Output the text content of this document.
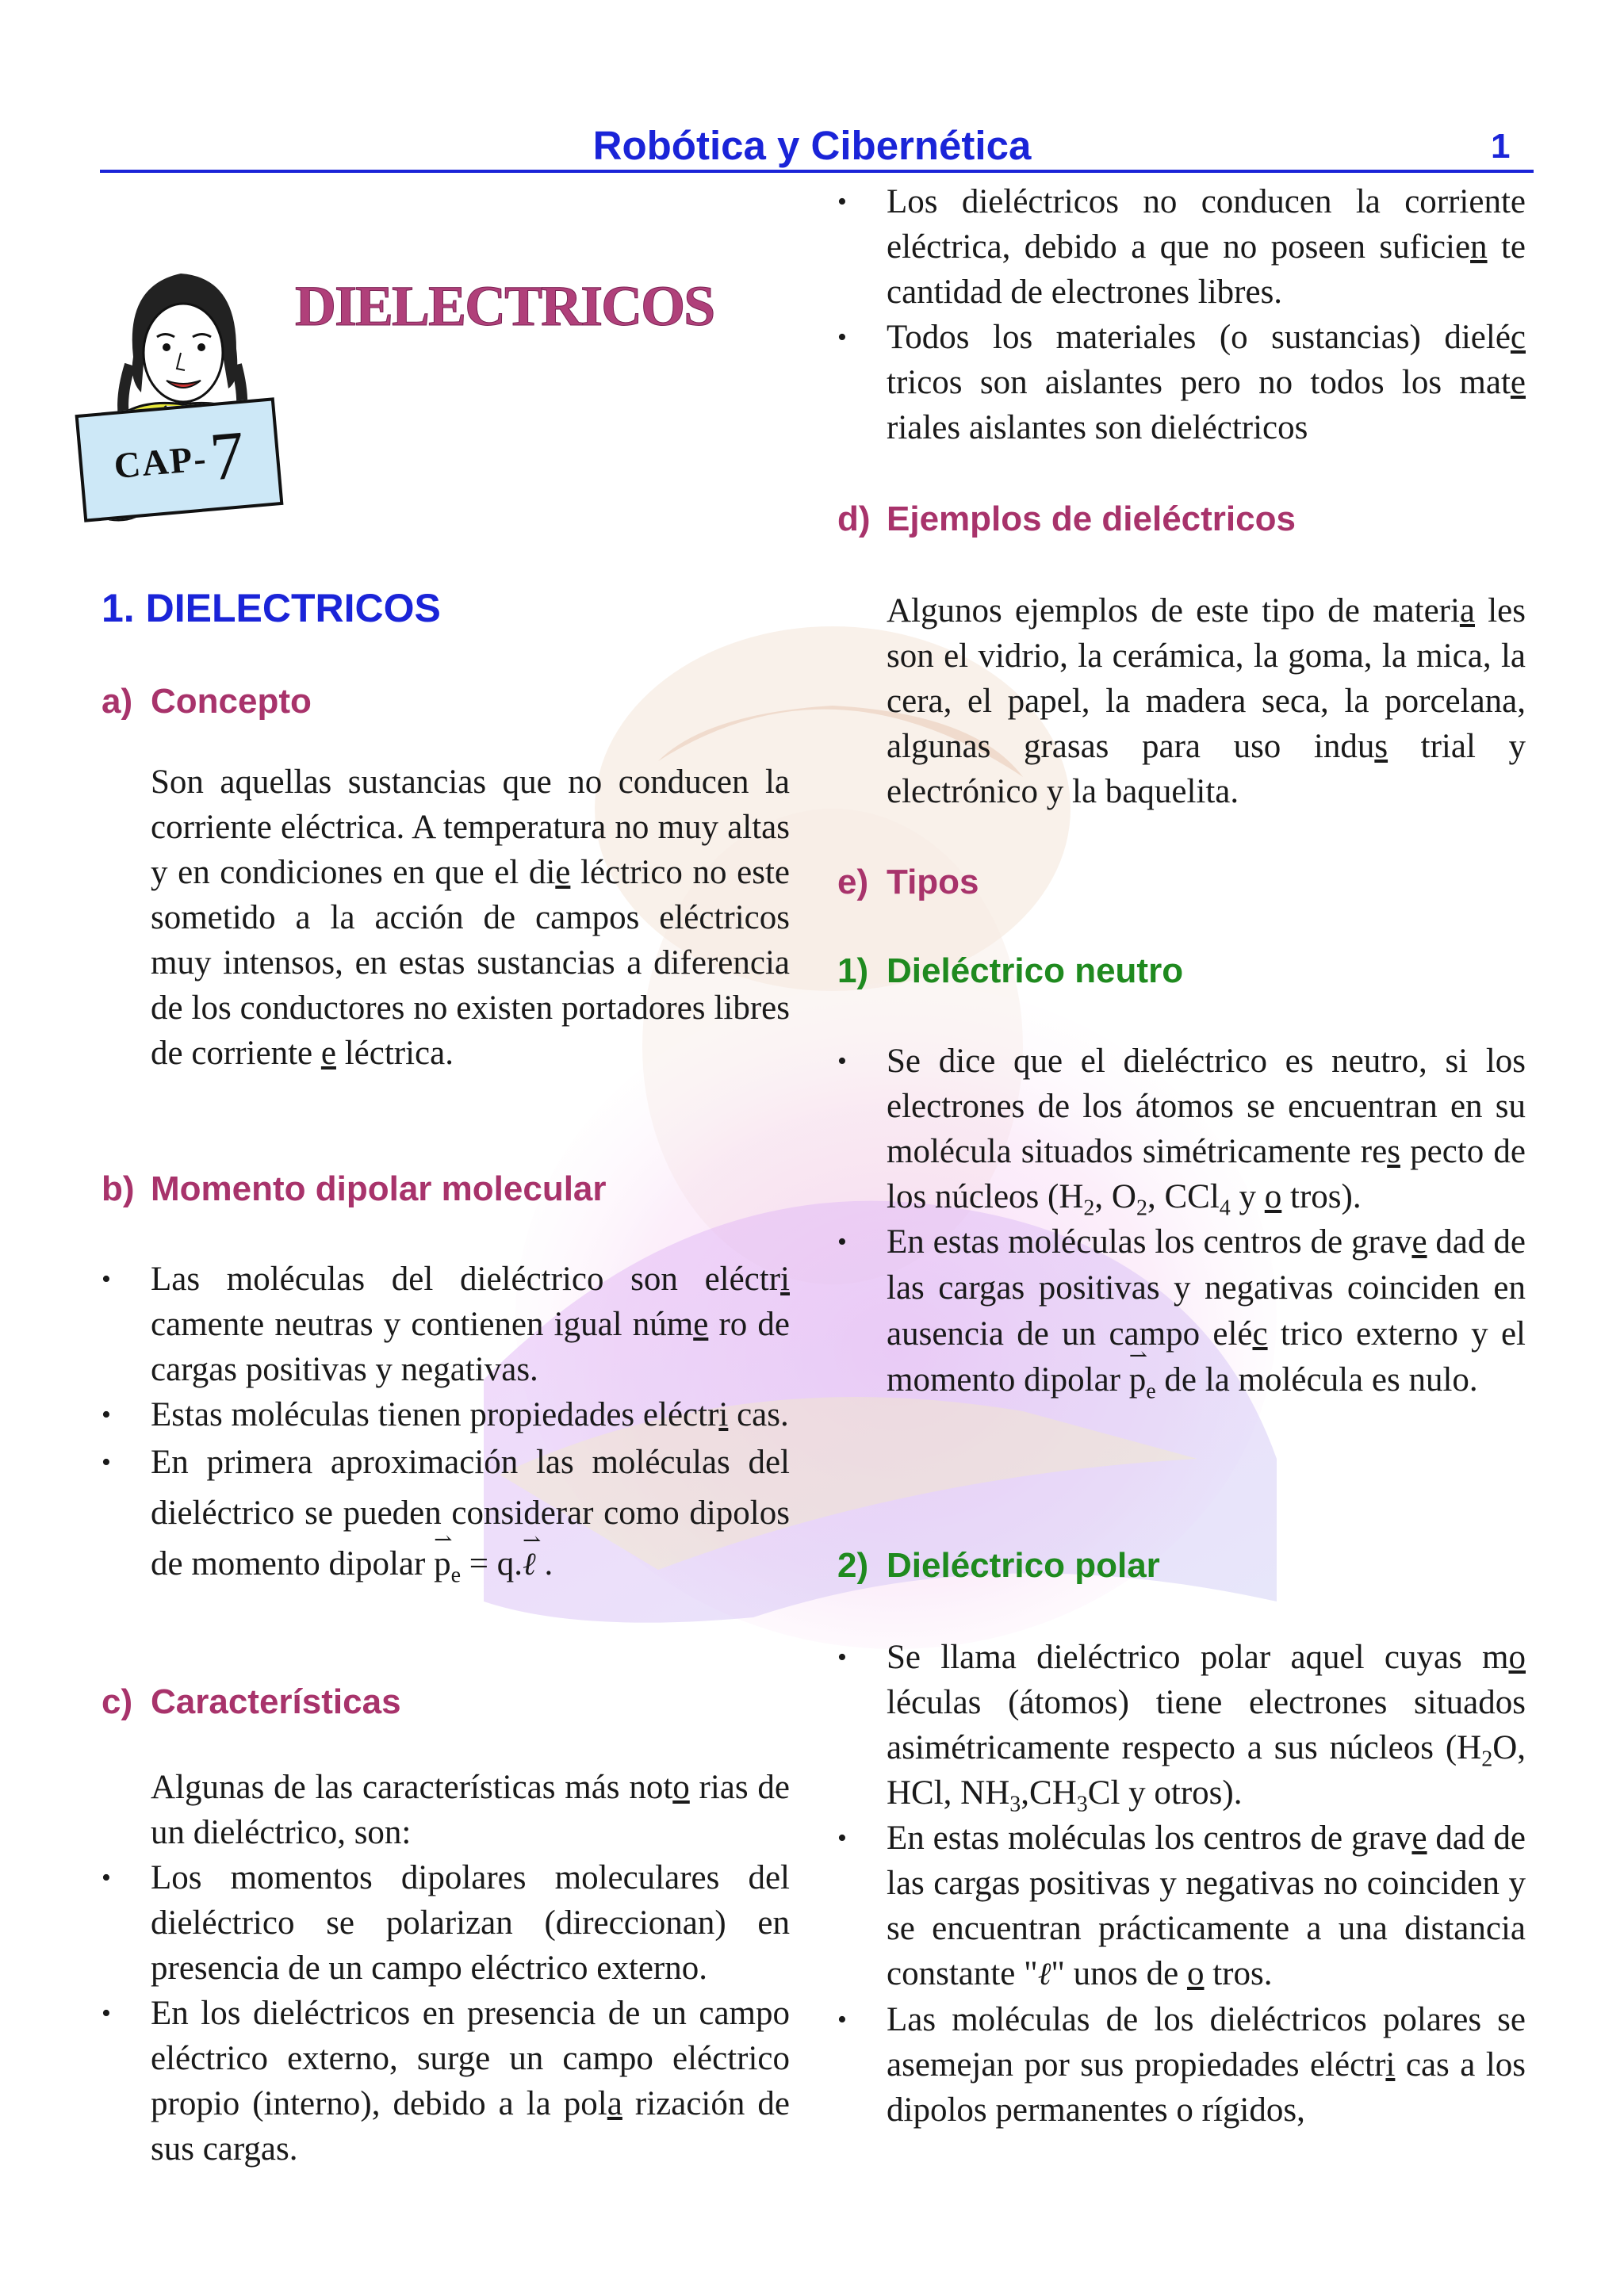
Robótica y Cibernética	1
CAP-
7
DIELECTRICOS
1. DIELECTRICOS
a) Concepto

Son aquellas sustancias que no conducen la corriente eléctrica. A temperatura no muy altas y en condiciones en que el die léctrico no este sometido a la acción de campos eléctricos muy intensos, en estas sustancias a diferencia de los conductores no existen portadores libres de corriente e léctrica.

b) Momento dipolar molecular
• Las moléculas del dieléctrico son eléctri camente neutras y contienen igual núme ro de cargas positivas y negativas.
• Estas moléculas tienen propiedades eléctri cas.
• En primera aproximación las moléculas del dieléctrico se pueden considerar como dipolos de momento dipolar ⇀ $p_e$ = q.⇀ ℓ .
c) Características

Algunas de las características más noto rias de un dieléctrico, son:

• Los momentos dipolares moleculares del dieléctrico se polarizan (direccionan) en presencia de un campo eléctrico externo.
• En los dieléctricos en presencia de un campo eléctrico externo, surge un campo eléctrico propio (interno), debido a la pola rización de sus cargas.
• Los dieléctricos no conducen la corriente eléctrica, debido a que no poseen suficien te cantidad de electrones libres.
• Todos los materiales (o sustancias) dieléc tricos son aislantes pero no todos los mate riales aislantes son dieléctricos
d) Ejemplos de dieléctricos

Algunos ejemplos de este tipo de materia les son el vidrio, la cerámica, la goma, la mica, la cera, el papel, la madera seca, la porcelana, algunas grasas para uso indus trial y electrónico y la baquelita.

e) Tipos
1) Dieléctrico neutro
• Se dice que el dieléctrico es neutro, si los electrones de los átomos se encuentran en su molécula situados simétricamente res pecto de los núcleos ($H_2$, $O_2$, CCl$_4$ y o tros).
• En estas moléculas los centros de grave dad de las cargas positivas y negativas coinciden en ausencia de un campo eléc trico externo y el momento dipolar ⇀ $p_e$ de la molécula es nulo.
2) Dieléctrico polar
• Se llama dieléctrico polar aquel cuyas mo léculas (átomos) tiene electrones situados asimétricamente respecto a sus núcleos ($H_2O$, HCl, $NH_3,CH_3Cl$ y otros).
• En estas moléculas los centros de grave dad de las cargas positivas y negativas no coinciden y se encuentran prácticamente a una distancia constante "ℓ" unos de o tros.
• Las moléculas de los dieléctricos polares se asemejan por sus propiedades eléctri cas a los dipolos permanentes o rígidos,
